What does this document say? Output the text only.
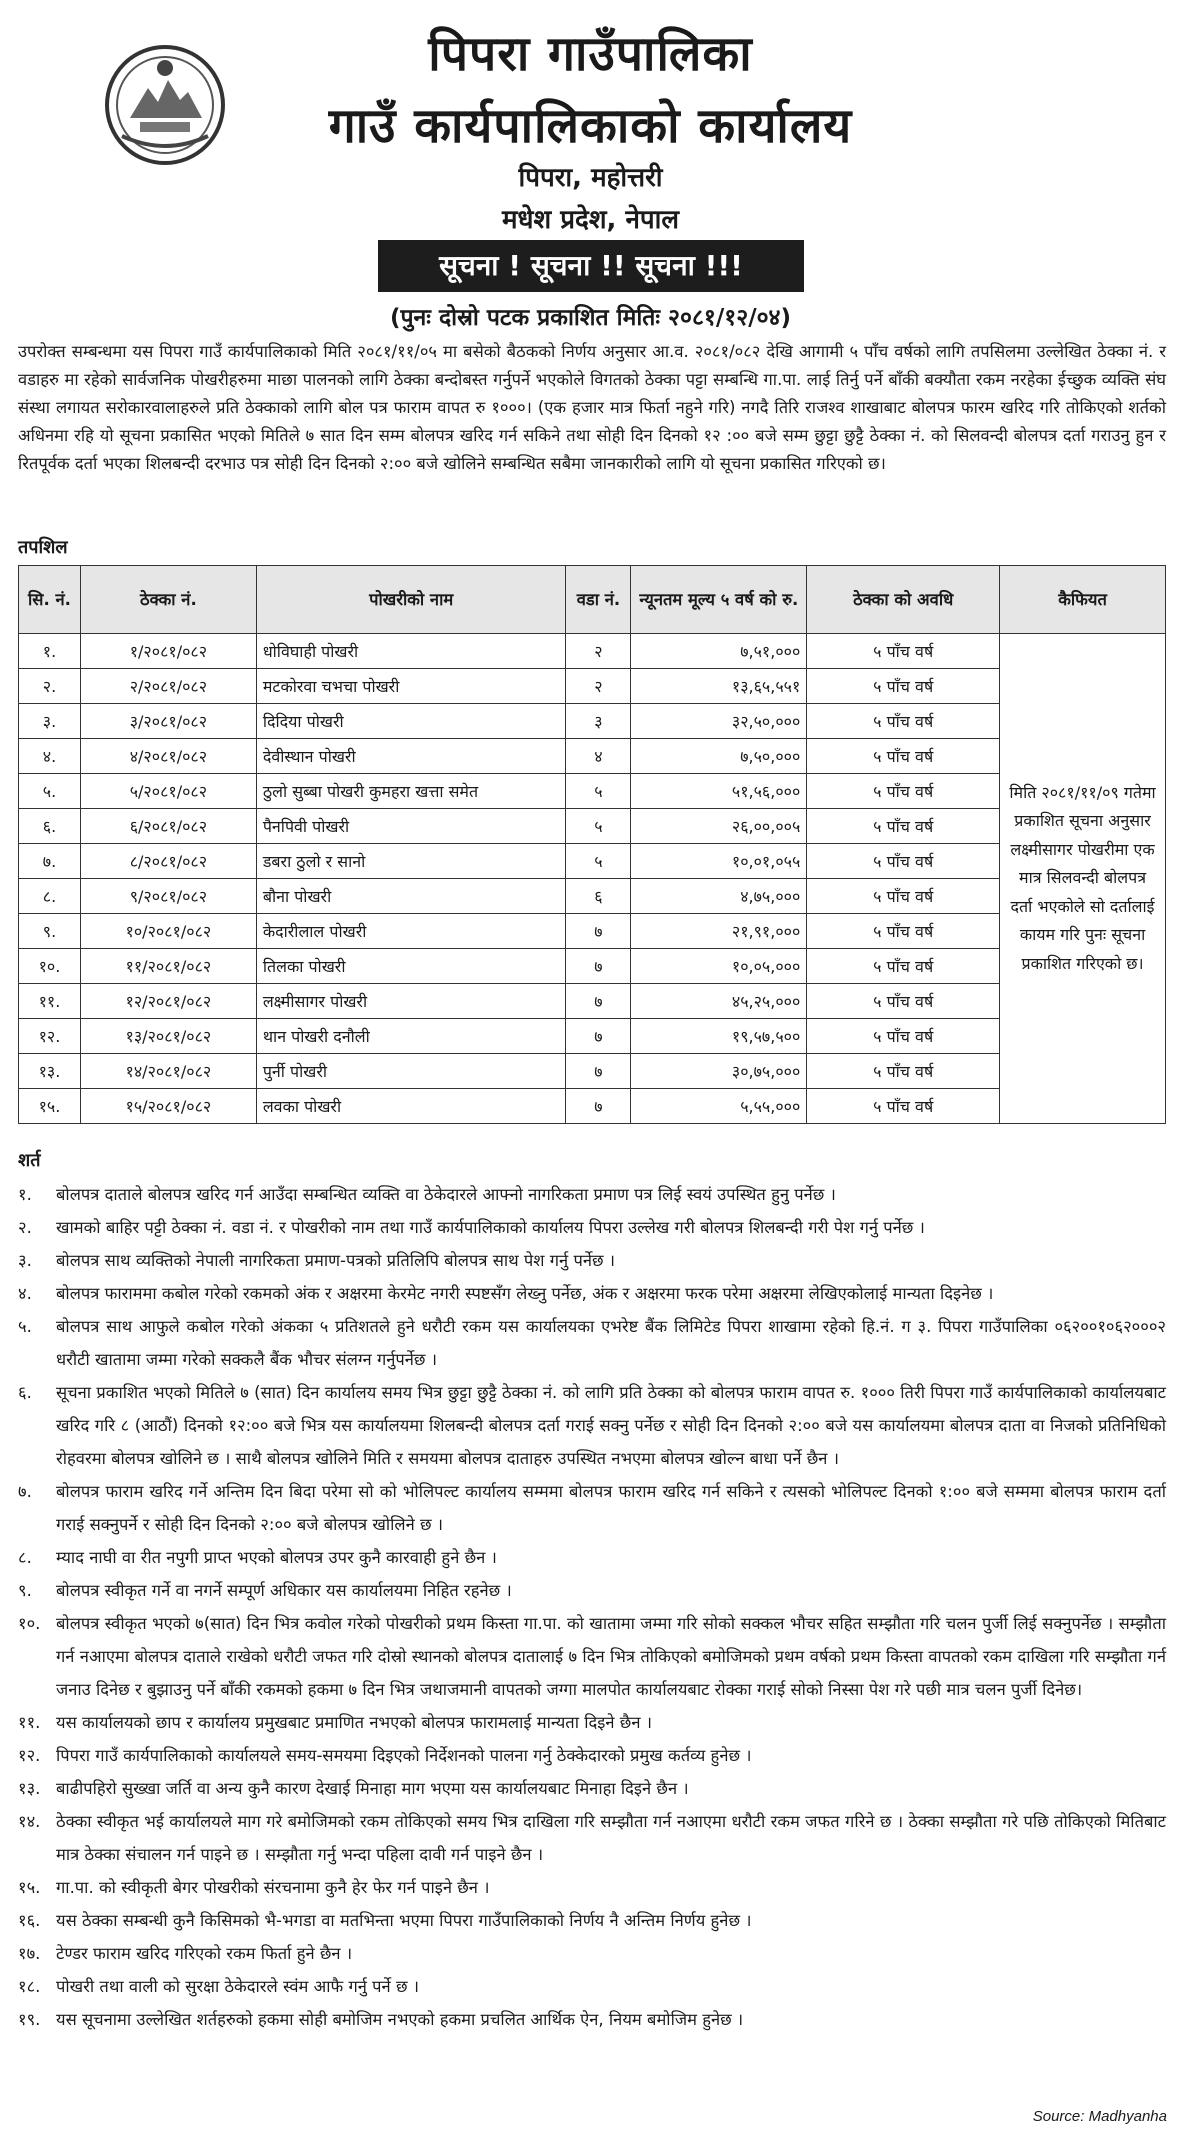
पिपरा गाउँपालिका
गाउँ कार्यपालिकाको कार्यालय
पिपरा, महोत्तरी
मधेश प्रदेश, नेपाल
सूचना ! सूचना !! सूचना !!!
(पुनः दोस्रो पटक प्रकाशित मितिः २०८१/१२/०४)

उपरोक्त सम्बन्धमा यस पिपरा गाउँ कार्यपालिकाको मिति २०८१/११/०५ मा बसेको बैठकको निर्णय अनुसार आ.व. २०८१/०८२ देखि आगामी ५ पाँच वर्षको लागि तपसिलमा उल्लेखित ठेक्का नं. र वडाहरु मा रहेको सार्वजनिक पोखरीहरुमा माछा पालनको लागि ठेक्का बन्दोबस्त गर्नुपर्ने भएकोले विगतको ठेक्का पट्टा सम्बन्धि गा.पा. लाई तिर्नु पर्ने बाँकी बक्यौता रकम नरहेका ईच्छुक व्यक्ति संघ संस्था लगायत सरोकारवालाहरुले प्रति ठेक्काको लागि बोल पत्र फाराम वापत रु १०००। (एक हजार मात्र फिर्ता नहुने गरि) नगदै तिरि राजश्व शाखाबाट बोलपत्र फारम खरिद गरि तोकिएको शर्तको अधिनमा रहि यो सूचना प्रकासित भएको मितिले ७ सात दिन सम्म बोलपत्र खरिद गर्न सकिने तथा सोही दिन दिनको १२ :०० बजे सम्म छुट्टा छुट्टै ठेक्का नं. को सिलवन्दी बोलपत्र दर्ता गराउनु हुन र रितपूर्वक दर्ता भएका शिलबन्दी दरभाउ पत्र सोही दिन दिनको २:०० बजे खोलिने सम्बन्धित सबैमा जानकारीको लागि यो सूचना प्रकासित गरिएको छ।

तपशिल
सि. नं.	ठेक्का नं.	पोखरीको नाम	वडा नं.	न्यूनतम मूल्य ५ वर्ष को रु.	ठेक्का को अवधि	कैफियत
१.	१/२०८१/०८२	धोविघाही पोखरी	२	७,५१,०००	५ पाँच वर्ष	मिति २०८१/११/०९ गतेमा प्रकाशित सूचना अनुसार लक्ष्मीसागर पोखरीमा एक मात्र सिलवन्दी बोलपत्र दर्ता भएकोले सो दर्तालाई कायम गरि पुनः सूचना प्रकाशित गरिएको छ।
२.	२/२०८१/०८२	मटकोरवा चभचा पोखरी	२	१३,६५,५५१	५ पाँच वर्ष	
३.	३/२०८१/०८२	दिदिया पोखरी	३	३२,५०,०००	५ पाँच वर्ष	
४.	४/२०८१/०८२	देवीस्थान पोखरी	४	७,५०,०००	५ पाँच वर्ष	
५.	५/२०८१/०८२	ठुलो सुब्बा पोखरी कुमहरा खत्ता समेत	५	५१,५६,०००	५ पाँच वर्ष	
६.	६/२०८१/०८२	पैनपिवी पोखरी	५	२६,००,००५	५ पाँच वर्ष	
७.	८/२०८१/०८२	डबरा ठुलो र सानो	५	१०,०१,०५५	५ पाँच वर्ष	
८.	९/२०८१/०८२	बौना पोखरी	६	४,७५,०००	५ पाँच वर्ष	
९.	१०/२०८१/०८२	केदारीलाल पोखरी	७	२१,९१,०००	५ पाँच वर्ष	
१०.	११/२०८१/०८२	तिलका पोखरी	७	१०,०५,०००	५ पाँच वर्ष	
११.	१२/२०८१/०८२	लक्ष्मीसागर पोखरी	७	४५,२५,०००	५ पाँच वर्ष	
१२.	१३/२०८१/०८२	थान पोखरी दनौली	७	१९,५७,५००	५ पाँच वर्ष	
१३.	१४/२०८१/०८२	पुर्नी पोखरी	७	३०,७५,०००	५ पाँच वर्ष	
१५.	१५/२०८१/०८२	लवका पोखरी	७	५,५५,०००	५ पाँच वर्ष	
शर्त
१.	बोलपत्र दाताले बोलपत्र खरिद गर्न आउँदा सम्बन्धित व्यक्ति वा ठेकेदारले आफ्नो नागरिकता प्रमाण पत्र लिई स्वयं उपस्थित हुनु पर्नेछ ।
२.	खामको बाहिर पट्टी ठेक्का नं. वडा नं. र पोखरीको नाम तथा गाउँ कार्यपालिकाको कार्यालय पिपरा उल्लेख गरी बोलपत्र शिलबन्दी गरी पेश गर्नु पर्नेछ ।
३.	बोलपत्र साथ व्यक्तिको नेपाली नागरिकता प्रमाण-पत्रको प्रतिलिपि बोलपत्र साथ पेश गर्नु पर्नेछ ।
४.	बोलपत्र फाराममा कबोल गरेको रकमको अंक र अक्षरमा केरमेट नगरी स्पष्टसँग लेख्नु पर्नेछ, अंक र अक्षरमा फरक परेमा अक्षरमा लेखिएकोलाई मान्यता दिइनेछ ।
५.	बोलपत्र साथ आफुले कबोल गरेको अंकका ५ प्रतिशतले हुने धरौटी रकम यस कार्यालयका एभरेष्ट बैंक लिमिटेड पिपरा शाखामा रहेको हि.नं. ग ३. पिपरा गाउँपालिका ०६२००१०६२०००२ धरौटी खातामा जम्मा गरेको सक्कलै बैंक भौचर संलग्न गर्नुपर्नेछ ।
६.	सूचना प्रकाशित भएको मितिले ७ (सात) दिन कार्यालय समय भित्र छुट्टा छुट्टै ठेक्का नं. को लागि प्रति ठेक्का को बोलपत्र फाराम वापत रु. १००० तिरी पिपरा गाउँ कार्यपालिकाको कार्यालयबाट खरिद गरि ८ (आठौं) दिनको १२:०० बजे भित्र यस कार्यालयमा शिलबन्दी बोलपत्र दर्ता गराई सक्नु पर्नेछ र सोही दिन दिनको २:०० बजे यस कार्यालयमा बोलपत्र दाता वा निजको प्रतिनिधिको रोहवरमा बोलपत्र खोलिने छ । साथै बोलपत्र खोलिने मिति र समयमा बोलपत्र दाताहरु उपस्थित नभएमा बोलपत्र खोल्न बाधा पर्ने छैन ।
७.	बोलपत्र फाराम खरिद गर्ने अन्तिम दिन बिदा परेमा सो को भोलिपल्ट कार्यालय सम्ममा बोलपत्र फाराम खरिद गर्न सकिने र त्यसको भोलिपल्ट दिनको १:०० बजे सम्ममा बोलपत्र फाराम दर्ता गराई सक्नुपर्ने र सोही दिन दिनको २:०० बजे बोलपत्र खोलिने छ ।
८.	म्याद नाघी वा रीत नपुगी प्राप्त भएको बोलपत्र उपर कुनै कारवाही हुने छैन ।
९.	बोलपत्र स्वीकृत गर्ने वा नगर्ने सम्पूर्ण अधिकार यस कार्यालयमा निहित रहनेछ ।
१०. बोलपत्र स्वीकृत भएको ७(सात) दिन भित्र कवोल गरेको पोखरीको प्रथम किस्ता गा.पा. को खातामा जम्मा गरि सोको सक्कल भौचर सहित सम्झौता गरि चलन पुर्जी लिई सक्नुपर्नेछ । सम्झौता गर्न नआएमा बोलपत्र दाताले राखेको धरौटी जफत गरि दोस्रो स्थानको बोलपत्र दातालाई ७ दिन भित्र तोकिएको बमोजिमको प्रथम वर्षको प्रथम किस्ता वापतको रकम दाखिला गरि सम्झौता गर्न जनाउ दिनेछ र बुझाउनु पर्ने बाँकी रकमको हकमा ७ दिन भित्र जथाजमानी वापतको जग्गा मालपोत कार्यालयबाट रोक्का गराई सोको निस्सा पेश गरे पछी मात्र चलन पुर्जी दिनेछ।
११. यस कार्यालयको छाप र कार्यालय प्रमुखबाट प्रमाणित नभएको बोलपत्र फारामलाई मान्यता दिइने छैन ।
१२. पिपरा गाउँ कार्यपालिकाको कार्यालयले समय-समयमा दिइएको निर्देशनको पालना गर्नु ठेक्केदारको प्रमुख कर्तव्य हुनेछ ।
१३. बाढीपहिरो सुख्खा जर्ति वा अन्य कुनै कारण देखाई मिनाहा माग भएमा यस कार्यालयबाट मिनाहा दिइने छैन ।
१४. ठेक्का स्वीकृत भई कार्यालयले माग गरे बमोजिमको रकम तोकिएको समय भित्र दाखिला गरि सम्झौता गर्न नआएमा धरौटी रकम जफत गरिने छ । ठेक्का सम्झौता गरे पछि तोकिएको मितिबाट मात्र ठेक्का संचालन गर्न पाइने छ । सम्झौता गर्नु भन्दा पहिला दावी गर्न पाइने छैन ।
१५. गा.पा. को स्वीकृती बेगर पोखरीको संरचनामा कुनै हेर फेर गर्न पाइने छैन ।
१६. यस ठेक्का सम्बन्धी कुनै किसिमको भै-भगडा वा मतभिन्ता भएमा पिपरा गाउँपालिकाको निर्णय नै अन्तिम निर्णय हुनेछ ।
१७. टेण्डर फाराम खरिद गरिएको रकम फिर्ता हुने छैन ।
१८. पोखरी तथा वाली को सुरक्षा ठेकेदारले स्वंम आफै गर्नु पर्ने छ ।
१९. यस सूचनामा उल्लेखित शर्तहरुको हकमा सोही बमोजिम नभएको हकमा प्रचलित आर्थिक ऐन, नियम बमोजिम हुनेछ ।
Source: Madhyanha
